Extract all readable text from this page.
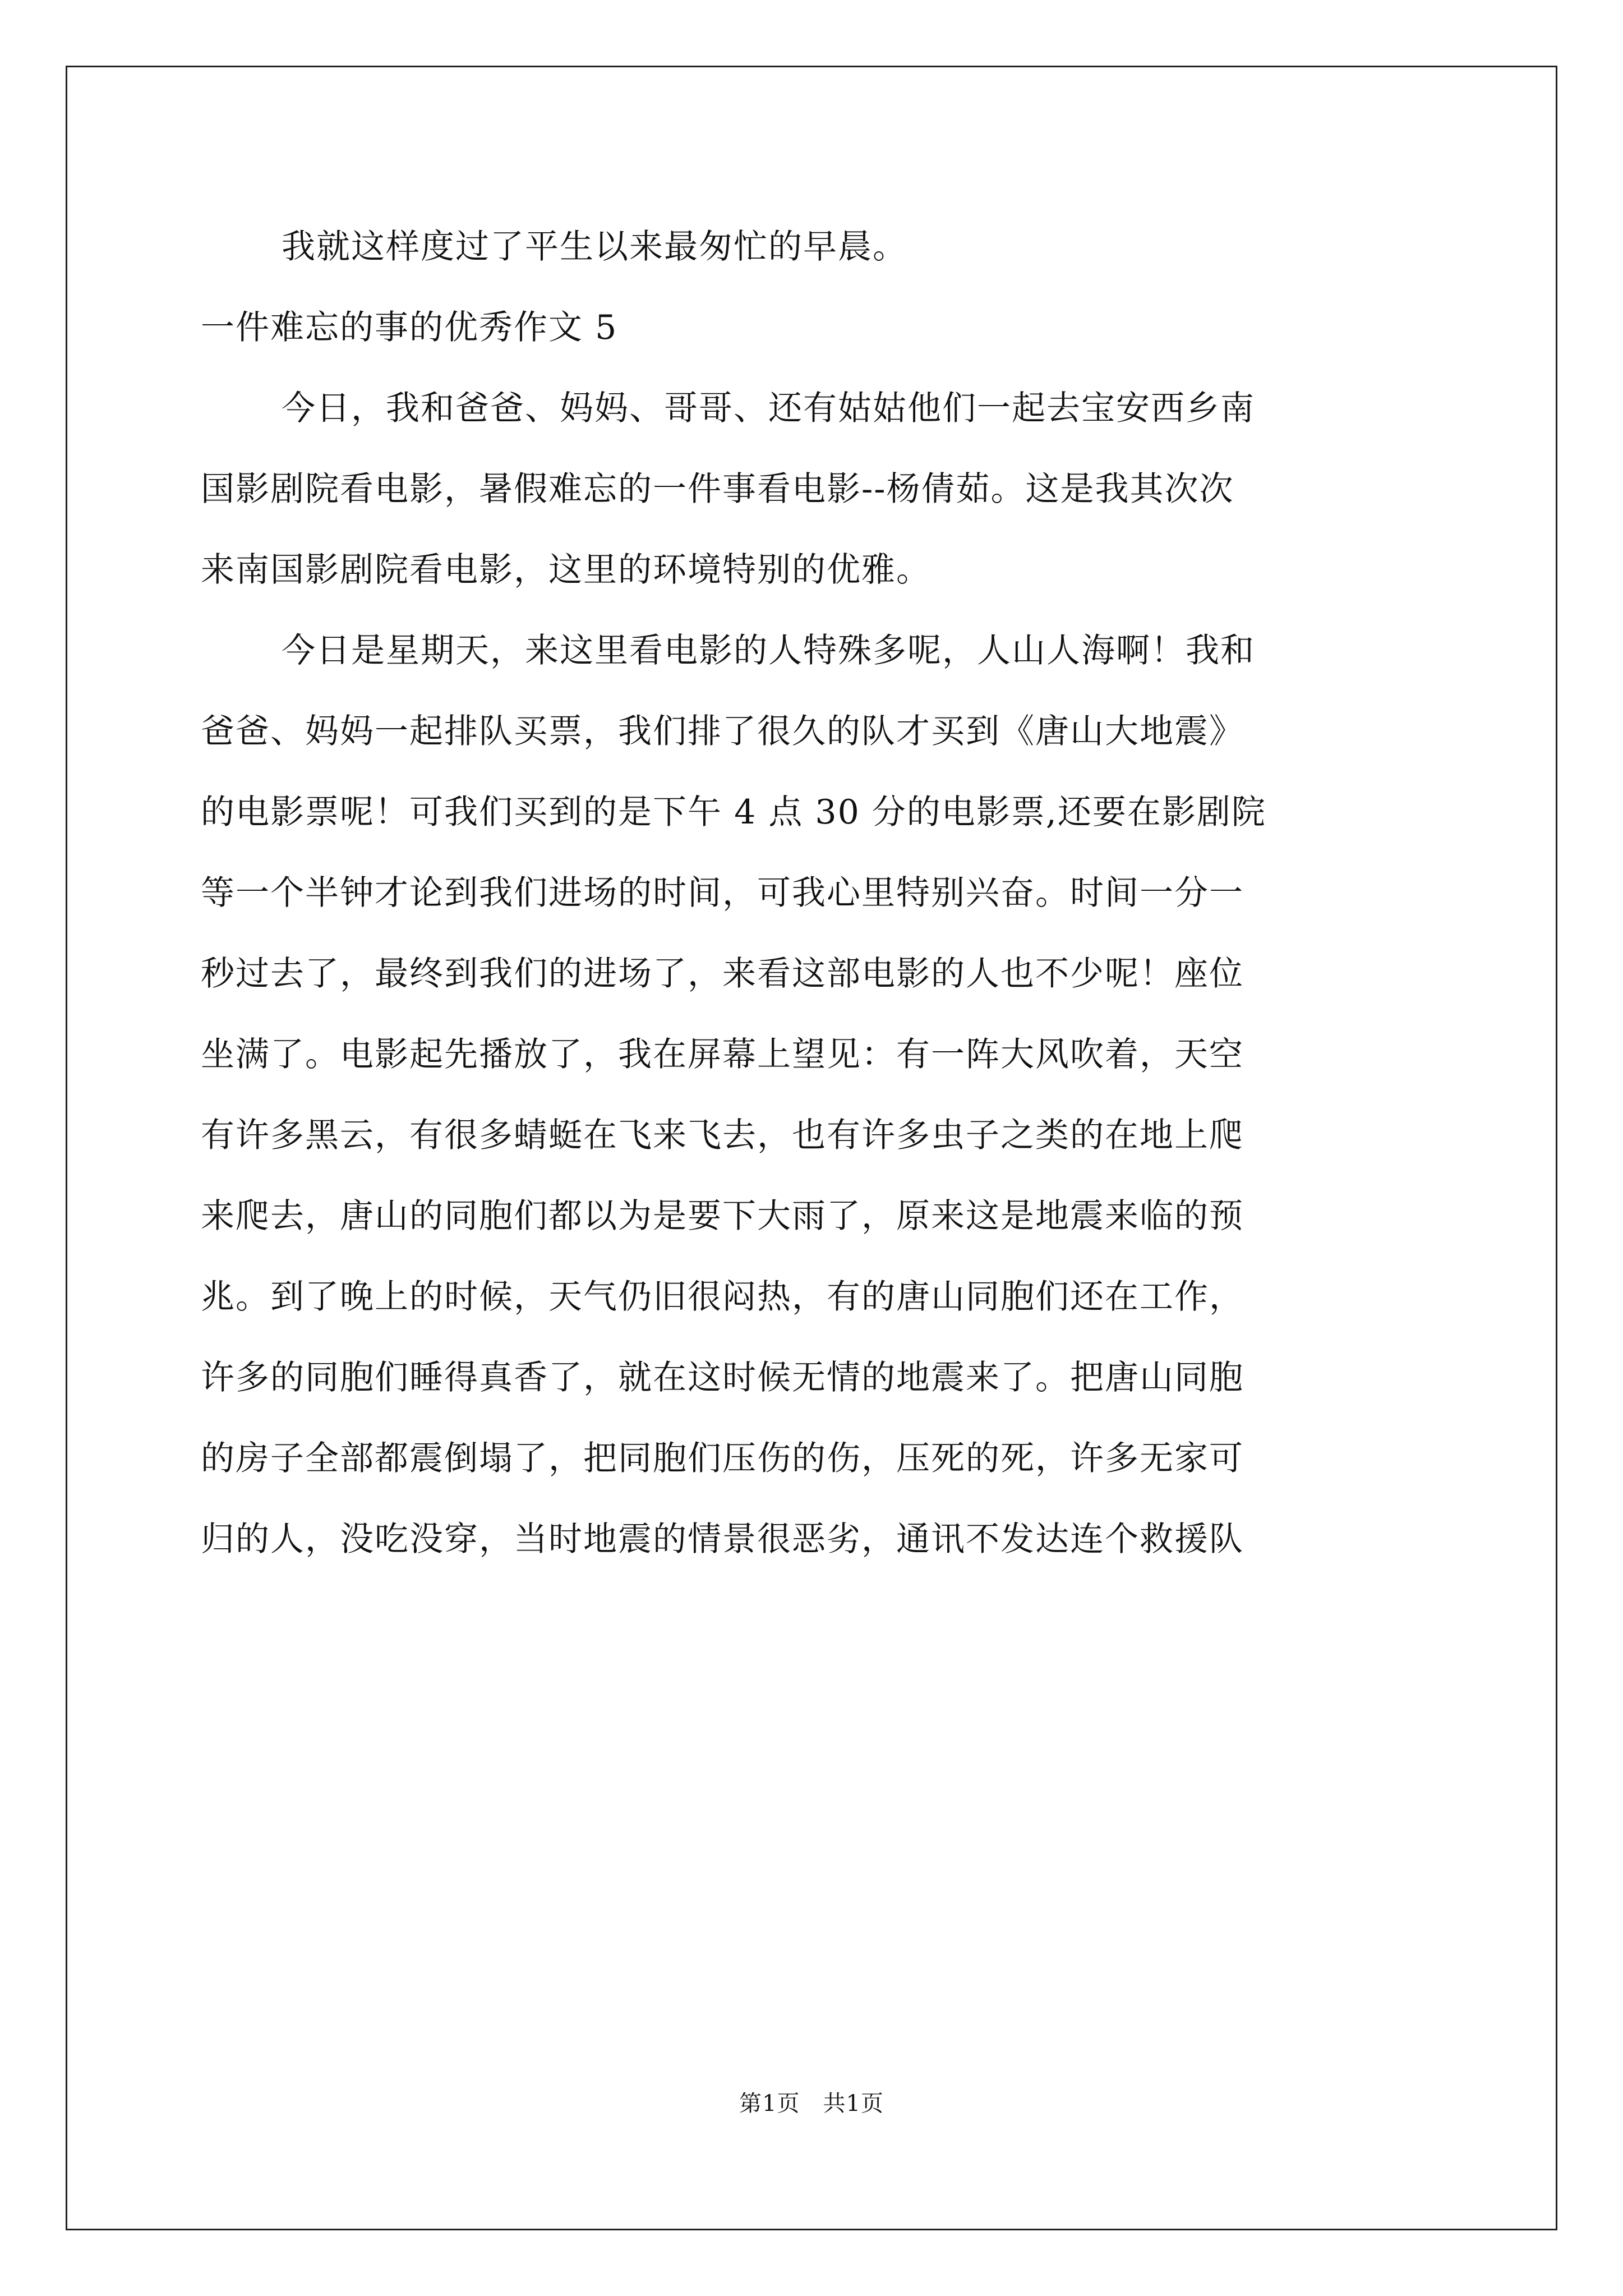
我就这样度过了平生以来最匆忙的早晨。
一件难忘的事的优秀作文 5
今日，我和爸爸、妈妈、哥哥、还有姑姑他们一起去宝安西乡南
国影剧院看电影，暑假难忘的一件事看电影--杨倩茹。这是我其次次
来南国影剧院看电影，这里的环境特别的优雅。
今日是星期天，来这里看电影的人特殊多呢，人山人海啊！我和
爸爸、妈妈一起排队买票，我们排了很久的队才买到《唐山大地震》
的电影票呢！可我们买到的是下午 4 点 30 分的电影票,还要在影剧院
等一个半钟才论到我们进场的时间，可我心里特别兴奋。时间一分一
秒过去了，最终到我们的进场了，来看这部电影的人也不少呢！座位
坐满了。电影起先播放了，我在屏幕上望见：有一阵大风吹着，天空
有许多黑云，有很多蜻蜓在飞来飞去，也有许多虫子之类的在地上爬
来爬去，唐山的同胞们都以为是要下大雨了，原来这是地震来临的预
兆。到了晚上的时候，天气仍旧很闷热，有的唐山同胞们还在工作，
许多的同胞们睡得真香了，就在这时候无情的地震来了。把唐山同胞
的房子全部都震倒塌了，把同胞们压伤的伤，压死的死，许多无家可
归的人，没吃没穿，当时地震的情景很恶劣，通讯不发达连个救援队
第1页　共1页
